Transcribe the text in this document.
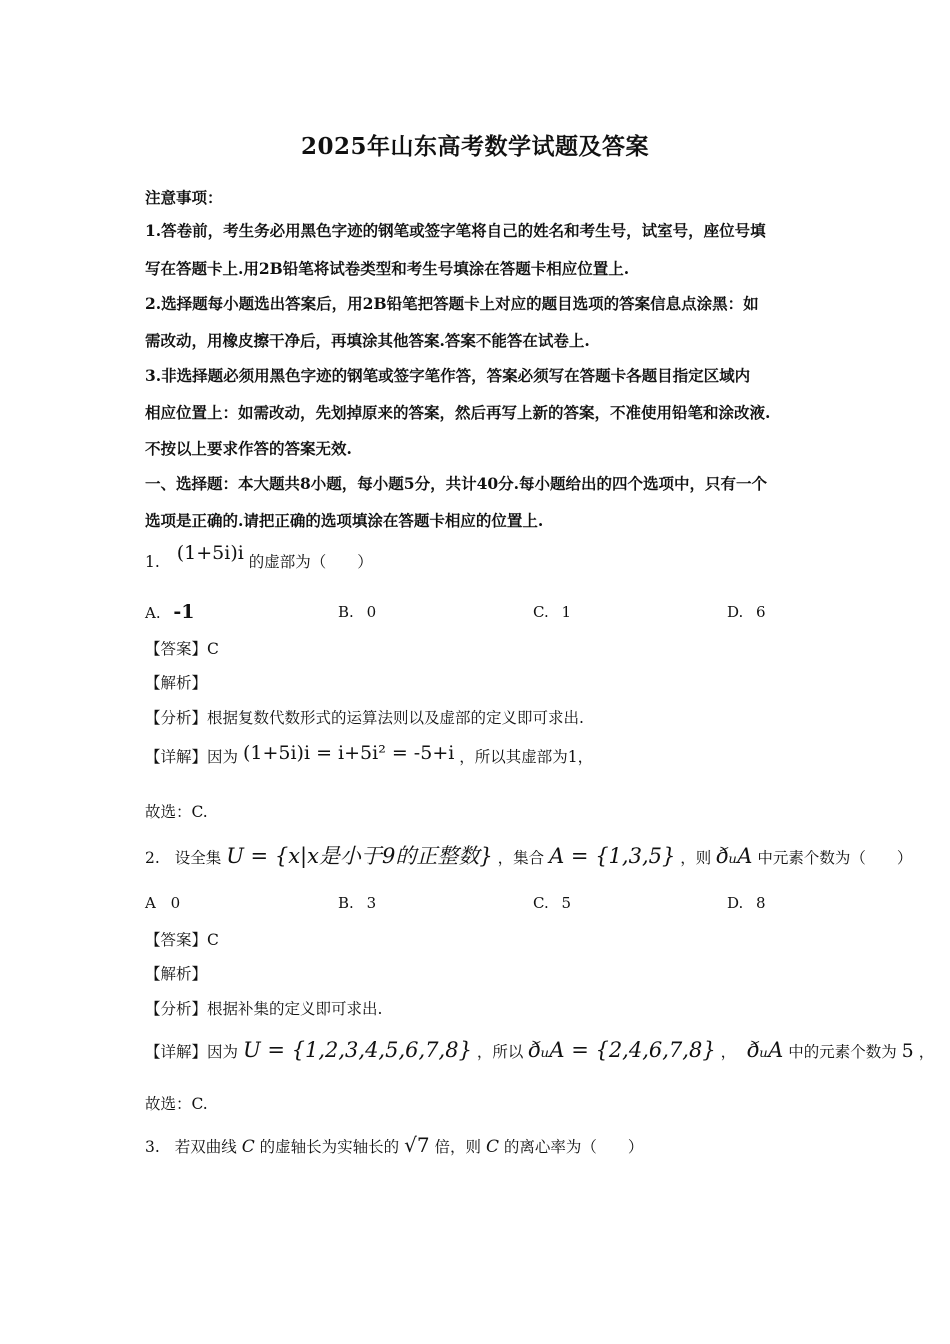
2025年山东高考数学试题及答案
注意事项：
1.答卷前，考生务必用黑色字迹的钢笔或签字笔将自己的姓名和考生号，试室号，座位号填
写在答题卡上.用2B铅笔将试卷类型和考生号填涂在答题卡相应位置上.
2.选择题每小题选出答案后，用2B铅笔把答题卡上对应的题目选项的答案信息点涂黑：如
需改动，用橡皮擦干净后，再填涂其他答案.答案不能答在试卷上.
3.非选择题必须用黑色字迹的钢笔或签字笔作答，答案必须写在答题卡各题目指定区域内
相应位置上：如需改动，先划掉原来的答案，然后再写上新的答案，不准使用铅笔和涂改液.
不按以上要求作答的答案无效.
一、选择题：本大题共8小题，每小题5分，共计40分.每小题给出的四个选项中，只有一个
选项是正确的.请把正确的选项填涂在答题卡相应的位置上.
1. (1+5i)i 的虚部为（　　）
A. -1	B. 0	C. 1	D. 6
【答案】C
【解析】
【分析】根据复数代数形式的运算法则以及虚部的定义即可求出.
【详解】因为 (1+5i)i = i+5i² = -5+i ，所以其虚部为1，
故选：C.
2. 设全集 U = {x|x是小于9的正整数} ，集合 A = {1,3,5} ，则 ðᵤA 中元素个数为（　　）
A 0	B. 3	C. 5	D. 8
【答案】C
【解析】
【分析】根据补集的定义即可求出.
【详解】因为 U = {1,2,3,4,5,6,7,8} ，所以 ðᵤA = {2,4,6,7,8} ， ðᵤA 中的元素个数为 5 ，
故选：C.
3. 若双曲线 C 的虚轴长为实轴长的 √7 倍，则 C 的离心率为（　　）
